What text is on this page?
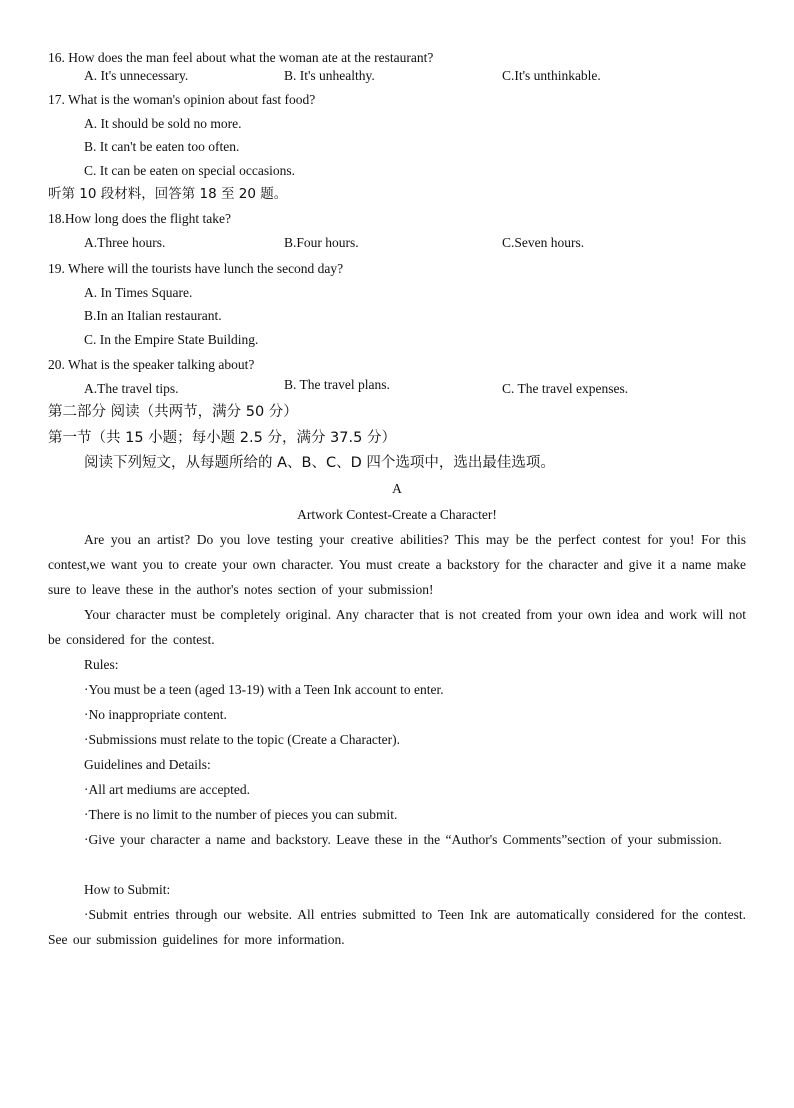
16. How does the man feel about what the woman ate at the restaurant?
A. It's unnecessary.	B. It's unhealthy.	C.It's unthinkable.
17. What is the woman's opinion about fast food?
A. It should be sold no more.
B. It can't be eaten too often.
C. It can be eaten on special occasions.
听第 10 段材料，回答第 18 至 20 题。
18.How long does the flight take?
A.Three hours.	B.Four hours.	C.Seven hours.
19. Where will the tourists have lunch the second day?
A. In Times Square.
B.In an Italian restaurant.
C. In the Empire State Building.
20. What is the speaker talking about?
A.The travel tips.	B. The travel plans.	C. The travel expenses.
第二部分 阅读（共两节，满分 50 分）
第一节（共 15 小题；每小题 2.5 分，满分 37.5 分）
阅读下列短文，从每题所给的 A、B、C、D 四个选项中，选出最佳选项。
A
Artwork Contest-Create a Character!
Are you an artist? Do you love testing your creative abilities? This may be the perfect contest for you! For this contest,we want you to create your own character. You must create a backstory for the character and give it a name make sure to leave these in the author's notes section of your submission!
Your character must be completely original. Any character that is not created from your own idea and work will not be considered for the contest.
Rules:
·You must be a teen (aged 13-19) with a Teen Ink account to enter.
·No inappropriate content.
·Submissions must relate to the topic (Create a Character).
Guidelines and Details:
·All art mediums are accepted.
·There is no limit to the number of pieces you can submit.
·Give your character a name and backstory. Leave these in the “Author's Comments”section of your submission.
How to Submit:
·Submit entries through our website. All entries submitted to Teen Ink are automatically considered for the contest. See our submission guidelines for more information.
